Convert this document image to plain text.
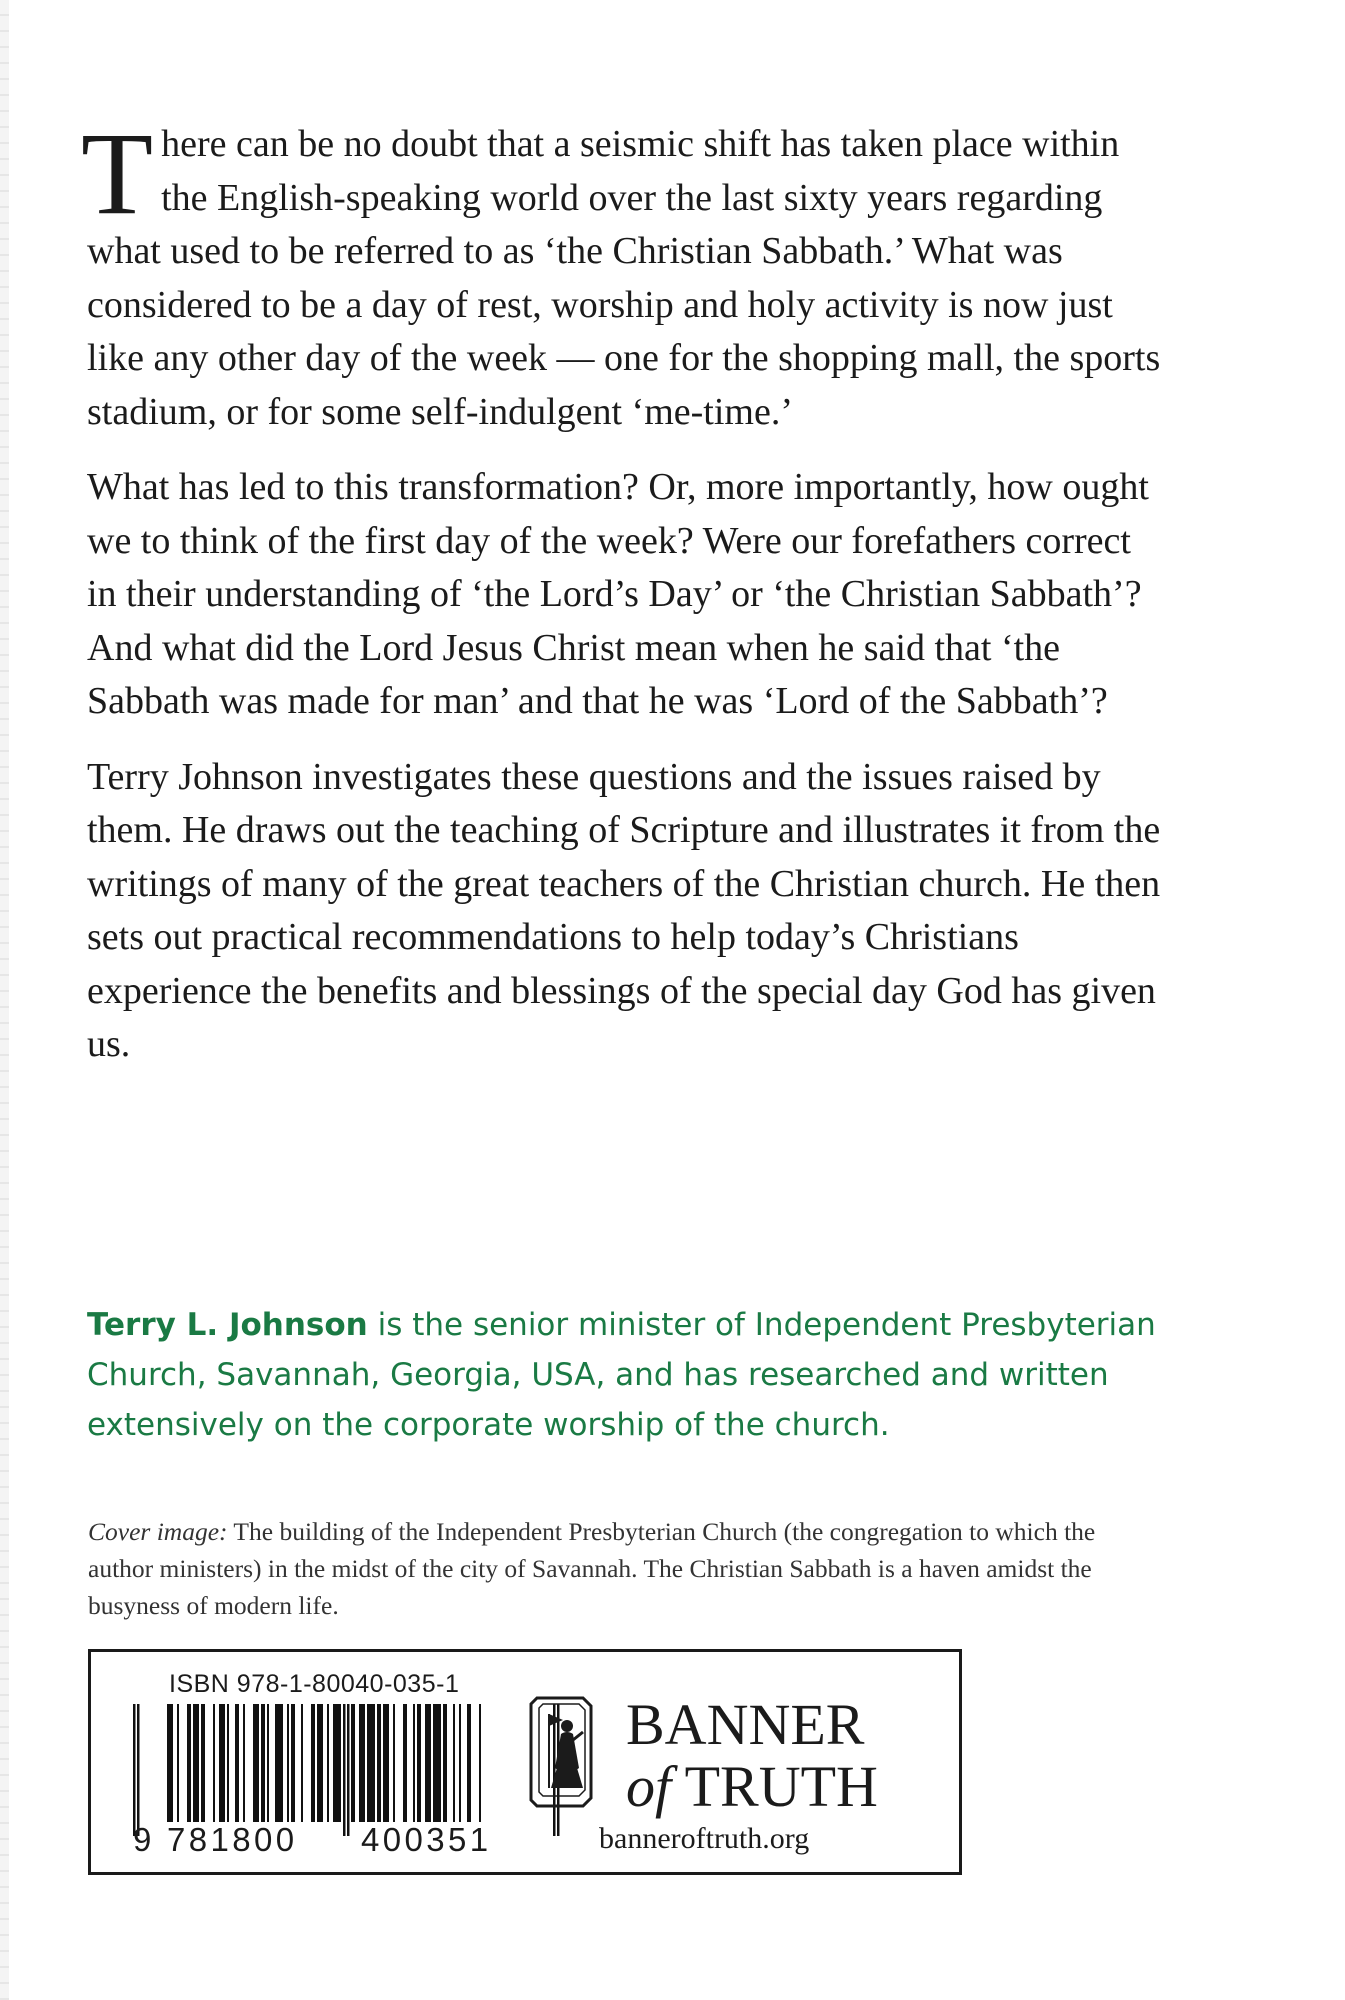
There can be no doubt that a seismic shift has taken place within the English-speaking world over the last sixty years regarding what used to be referred to as ‘the Christian Sabbath.’ What was considered to be a day of rest, worship and holy activity is now just like any other day of the week — one for the shopping mall, the sports stadium, or for some self-indulgent ‘me-time.’

What has led to this transformation? Or, more importantly, how ought we to think of the first day of the week? Were our forefathers correct in their understanding of ‘the Lord’s Day’ or ‘the Christian Sabbath’? And what did the Lord Jesus Christ mean when he said that ‘the Sabbath was made for man’ and that he was ‘Lord of the Sabbath’?

Terry Johnson investigates these questions and the issues raised by them. He draws out the teaching of Scripture and illustrates it from the writings of many of the great teachers of the Christian church. He then sets out practical recommendations to help today’s Christians experience the benefits and blessings of the special day God has given us.

Terry L. Johnson is the senior minister of Independent Presbyterian Church, Savannah, Georgia, USA, and has researched and written extensively on the corporate worship of the church.
Cover image: The building of the Independent Presbyterian Church (the congregation to which the author ministers) in the midst of the city of Savannah. The Christian Sabbath is a haven amidst the busyness of modern life.
ISBN 978-1-80040-035-1
9 781800 400351
BANNER
of TRUTH
banneroftruth.org
